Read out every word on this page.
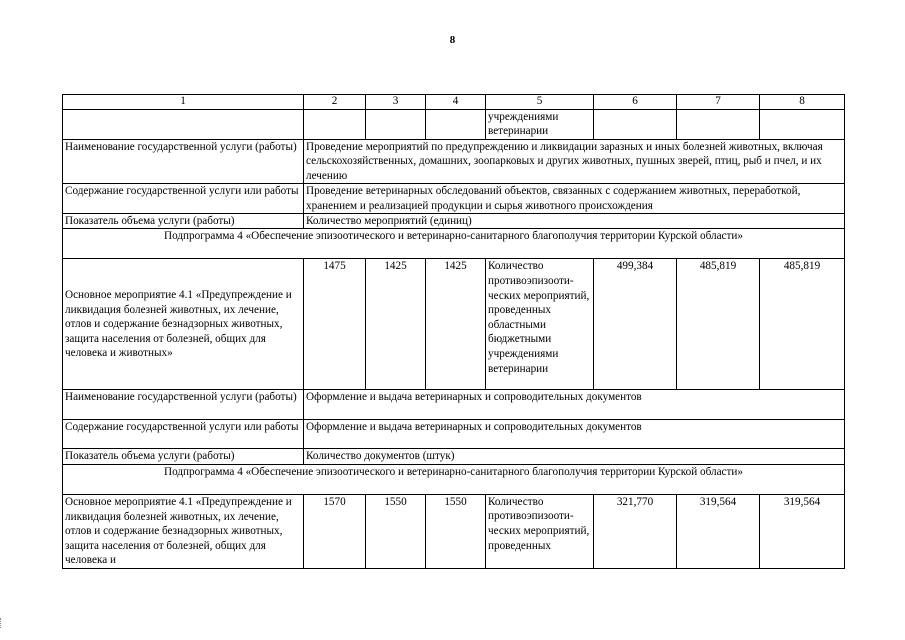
8
1	2	3	4	5	6	7	8
				учреждениями ветеринарии			
Наименование государственной услуги (работы)	Проведение мероприятий по предупреждению и ликвидации заразных и иных болезней животных, включая сельскохозяйственных, домашних, зоопарковых и других животных, пушных зверей, птиц, рыб и пчел, и их лечению						
Содержание государственной услуги или работы	Проведение ветеринарных обследований объектов, связанных с содержанием животных, переработкой, хранением и реализацией продукции и сырья животного происхождения						
Показатель объема услуги (работы)	Количество мероприятий (единиц)						
Подпрограмма 4 «Обеспечение эпизоотического и ветеринарно-санитарного благополучия территории Курской области»							
Основное мероприятие 4.1 «Предупреждение и ликвидация болезней животных, их лечение, отлов и содержание безнадзорных животных, защита населения от болезней, общих для человека и животных»	1475	1425	1425	Количество противоэпизооти-ческих мероприятий, проведенных областными бюджетными учреждениями ветеринарии	499,384	485,819	485,819
Наименование государственной услуги (работы)	Оформление и выдача ветеринарных и сопроводительных документов						
Содержание государственной услуги или работы	Оформление и выдача ветеринарных и сопроводительных документов						
Показатель объема услуги (работы)	Количество документов (штук)						
Подпрограмма 4 «Обеспечение эпизоотического и ветеринарно-санитарного благополучия территории Курской области»							
Основное мероприятие 4.1 «Предупреждение и ликвидация болезней животных, их лечение, отлов и содержание безнадзорных животных, защита населения от болезней, общих для человека и	1570	1550	1550	Количество противоэпизооти-ческих мероприятий, проведенных	321,770	319,564	319,564
